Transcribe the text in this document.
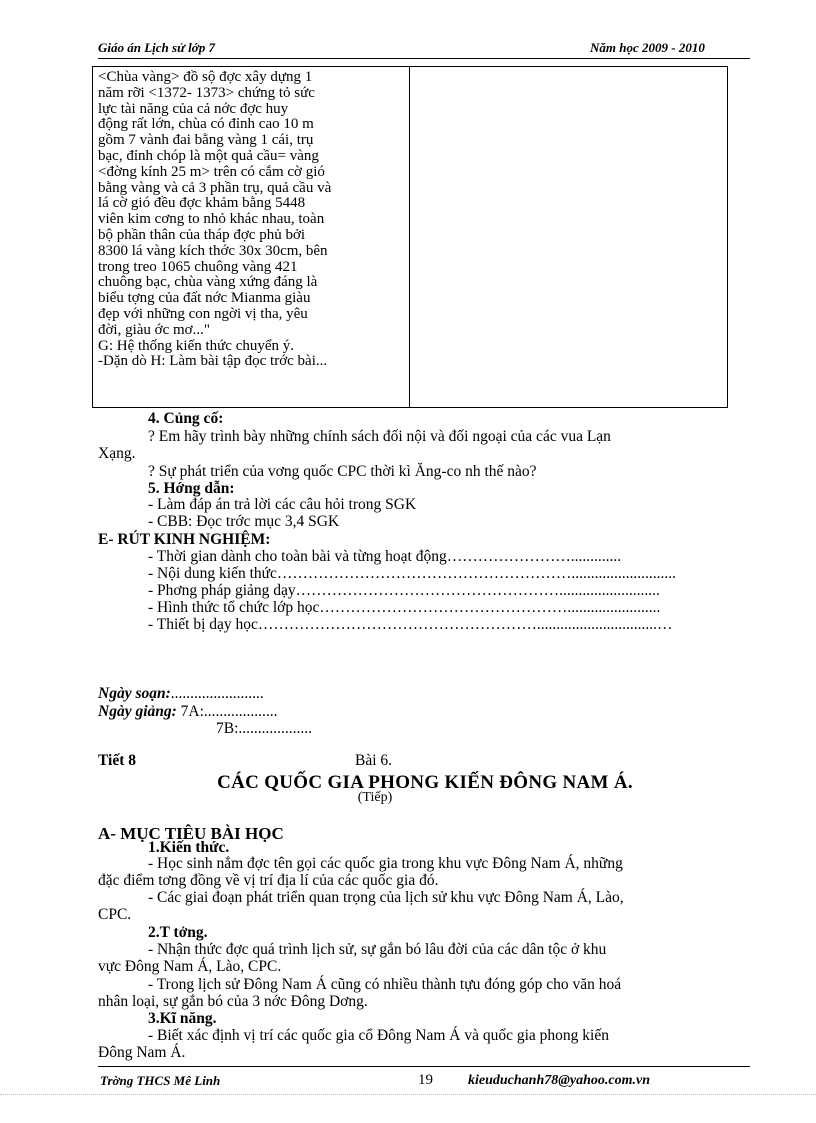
Giáo án Lịch sử lớp 7	Năm học 2009 - 2010
<Chùa vàng> đồ sộ đợc xây dựng 1
năm rỡi <1372- 1373> chứng tỏ sức
lực tài năng của cả nớc đợc huy
động rất lớn, chùa có đỉnh cao 10 m
gồm 7 vành đai bằng vàng 1 cái, trụ
bạc, đỉnh chóp là một quả cầu= vàng
<đờng kính 25 m> trên có cắm cờ gió
bằng vàng và cả 3 phần trụ, quả cầu và
lá cờ gió đều đợc khảm bằng 5448
viên kim cơng to nhỏ khác nhau, toàn
bộ phần thân của tháp đợc phủ bởi
8300 lá vàng kích thớc 30x 30cm, bên
trong treo 1065 chuông vàng 421
chuông bạc, chùa vàng xứng đáng là
biểu tợng của đất nớc Mianma giàu
đẹp với những con ngời vị tha, yêu
đời, giàu ớc mơ..."
G: Hệ thống kiến thức chuyển ý.
-Dặn dò H: Làm bài tập đọc trớc bài...
4. Củng cố:
? Em hãy trình bày những chính sách đối nội và đối ngoại của các vua Lạn
Xạng.
? Sự phát triển của vơng quốc CPC thời kì Ăng-co nh thế nào?
5. Hớng dẫn:
- Làm đáp án trả lời các câu hỏi trong SGK
- CBB: Đọc trớc mục 3,4 SGK
E- RÚT KINH NGHIỆM:
- Thời gian dành cho toàn bài và từng hoạt động…………………….............
- Nội dung kiến thức…………………………………………………...........................
- Phơng pháp giảng dạy……………………………………………..........................
- Hình thức tổ chức lớp học…………………………………………........................
- Thiết bị dạy học………………………………………………...............................…
Ngày soạn:........................
Ngày giảng: 7A:...................
7B:...................
Tiết 8	Bài 6.
CÁC QUỐC GIA PHONG KIẾN ĐÔNG NAM Á.
(Tiếp)
A- MỤC TIÊU BÀI HỌC
1.Kiến thức.
- Học sinh nắm đợc tên gọi các quốc gia trong khu vực Đông Nam Á, những
đặc điểm tơng đồng về vị trí địa lí của các quốc gia đó.
- Các giai đoạn phát triển quan trọng của lịch sử khu vực Đông Nam Á, Lào,
CPC.
2.T tởng.
- Nhận thức đợc quá trình lịch sử, sự gắn bó lâu đời của các dân tộc ở khu
vực Đông Nam Á, Lào, CPC.
- Trong lịch sử Đông Nam Á cũng có nhiều thành tựu đóng góp cho văn hoá
nhân loại, sự gắn bó của 3 nớc Đông Dơng.
3.Kĩ năng.
- Biết xác định vị trí các quốc gia cổ Đông Nam Á và quốc gia phong kiến
Đông Nam Á.
Trờng THCS Mê Linh	19	kieuduchanh78@yahoo.com.vn
